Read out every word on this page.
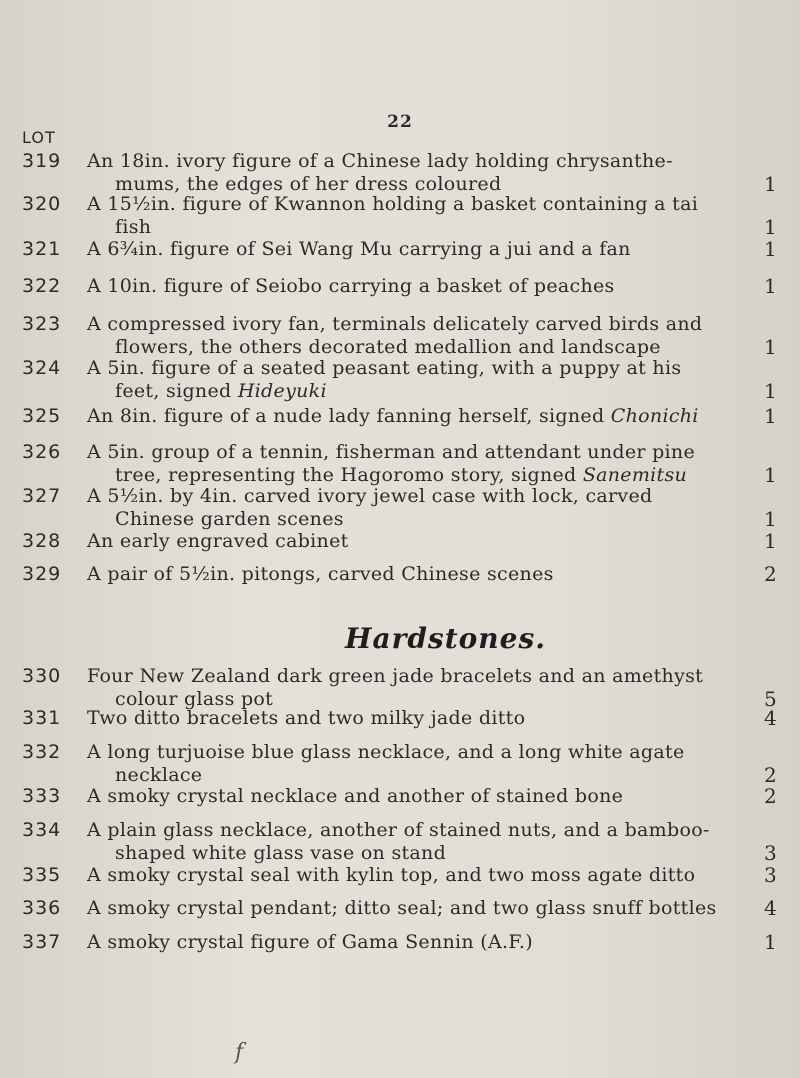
22
LOT
Hardstones.
319 An 18in. ivory figure of a Chinese lady holding chrysanthe-
mums, the edges of her dress coloured	1
320 A 15½in. figure of Kwannon holding a basket containing a tai
fish	1
321 A 6¾in. figure of Sei Wang Mu carrying a jui and a fan	1
322 A 10in. figure of Seiobo carrying a basket of peaches	1
323 A compressed ivory fan, terminals delicately carved birds and
flowers, the others decorated medallion and landscape	1
324 A 5in. figure of a seated peasant eating, with a puppy at his
feet, signed Hideyuki	1
325 An 8in. figure of a nude lady fanning herself, signed Chonichi	1
326 A 5in. group of a tennin, fisherman and attendant under pine
tree, representing the Hagoromo story, signed Sanemitsu	1
327 A 5½in. by 4in. carved ivory jewel case with lock, carved
Chinese garden scenes	1
328 An early engraved cabinet	1
329 A pair of 5½in. pitongs, carved Chinese scenes	2
330 Four New Zealand dark green jade bracelets and an amethyst
colour glass pot	5
331 Two ditto bracelets and two milky jade ditto	4
332 A long turjuoise blue glass necklace, and a long white agate
necklace	2
333 A smoky crystal necklace and another of stained bone	2
334 A plain glass necklace, another of stained nuts, and a bamboo-
shaped white glass vase on stand	3
335 A smoky crystal seal with kylin top, and two moss agate ditto	3
336 A smoky crystal pendant; ditto seal; and two glass snuff bottles 4
337 A smoky crystal figure of Gama Sennin (A.F.)	1
f
